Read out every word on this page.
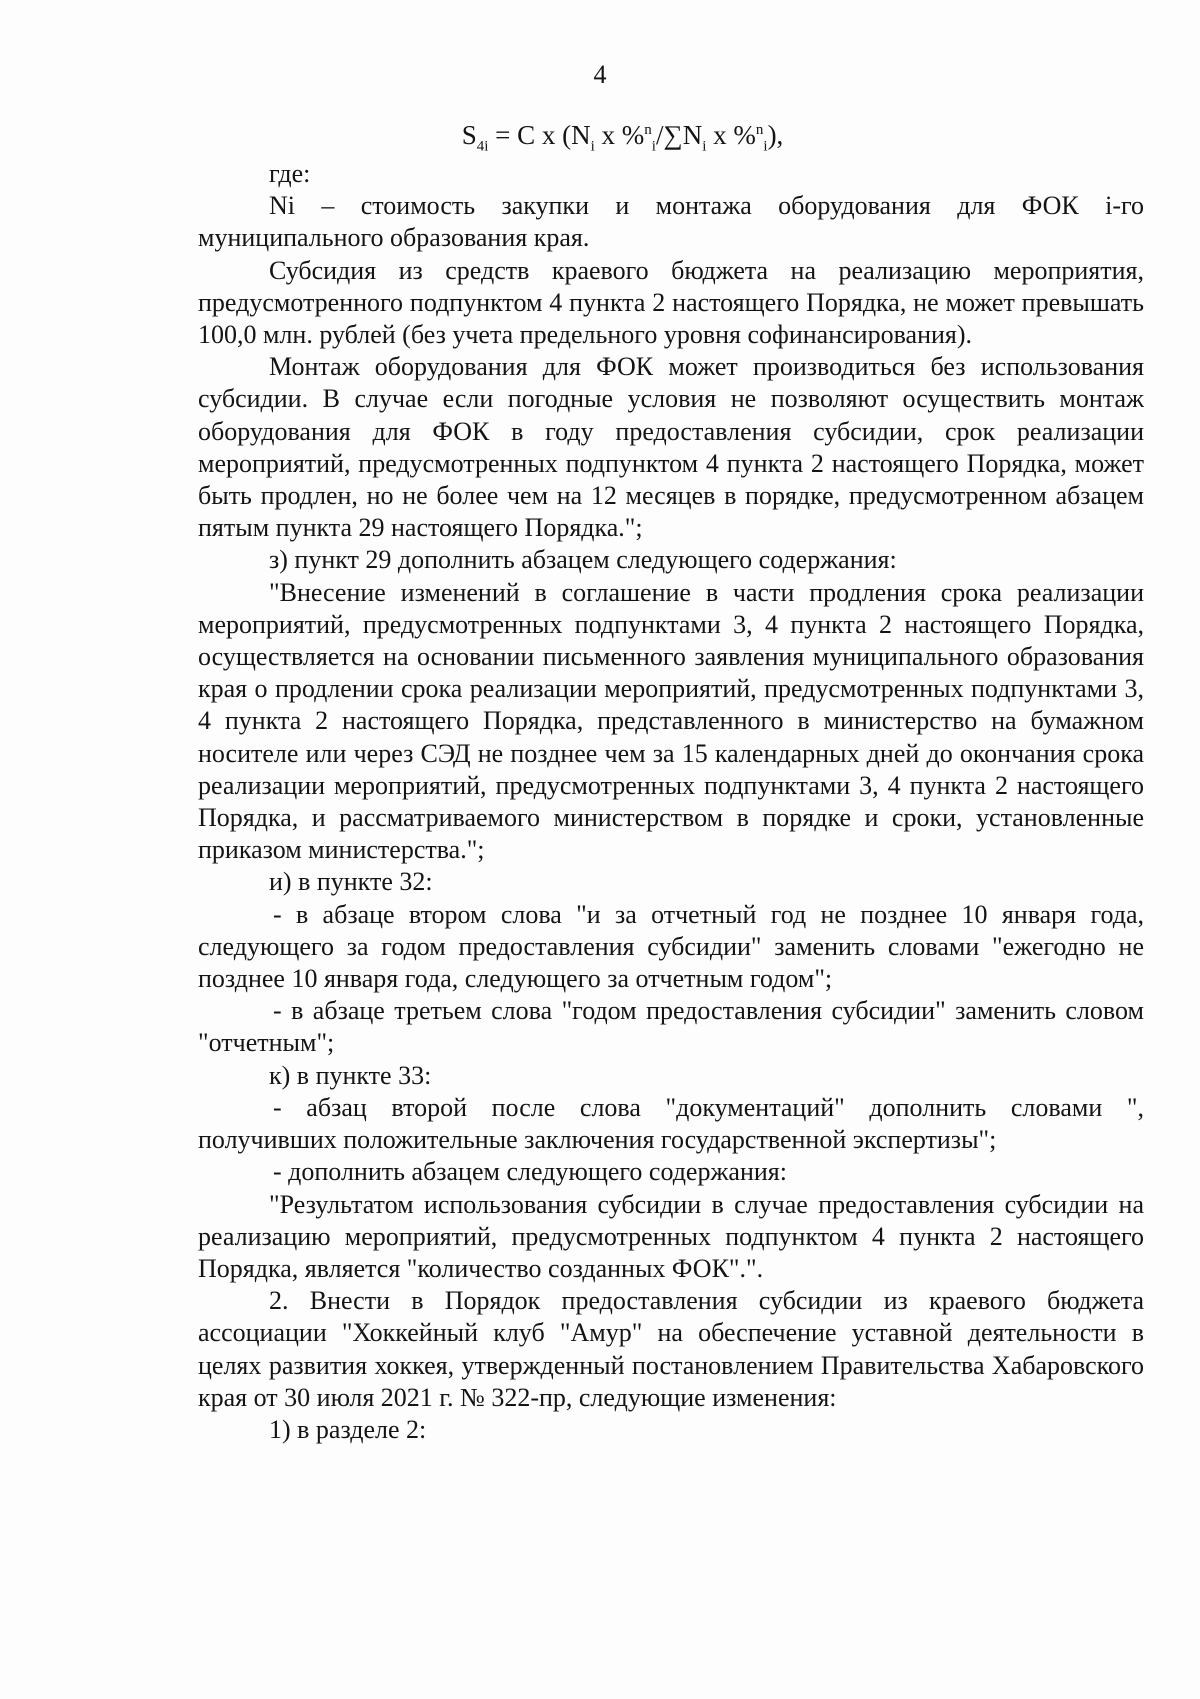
4
$S_{4i} = C$ x ($N_i$ x $\%^n_i/\sum N_i$ x %$^n_i$),

где:

Ni – стоимость закупки и монтажа оборудования для ФОК i-го муниципального образования края.

Субсидия из средств краевого бюджета на реализацию мероприятия, предусмотренного подпунктом 4 пункта 2 настоящего Порядка, не может превышать 100,0 млн. рублей (без учета предельного уровня софинансирования).

Монтаж оборудования для ФОК может производиться без использования субсидии. В случае если погодные условия не позволяют осуществить монтаж оборудования для ФОК в году предоставления субсидии, срок реализации мероприятий, предусмотренных подпунктом 4 пункта 2 настоящего Порядка, может быть продлен, но не более чем на 12 месяцев в порядке, предусмотренном абзацем пятым пункта 29 настоящего Порядка.";

з) пункт 29 дополнить абзацем следующего содержания:

"Внесение изменений в соглашение в части продления срока реализации мероприятий, предусмотренных подпунктами 3, 4 пункта 2 настоящего Порядка, осуществляется на основании письменного заявления муниципального образования края о продлении срока реализации мероприятий, предусмотренных подпунктами 3, 4 пункта 2 настоящего Порядка, представленного в министерство на бумажном носителе или через СЭД не позднее чем за 15 календарных дней до окончания срока реализации мероприятий, предусмотренных подпунктами 3, 4 пункта 2 настоящего Порядка, и рассматриваемого министерством в порядке и сроки, установленные приказом министерства.";

и) в пункте 32:

- в абзаце втором слова "и за отчетный год не позднее 10 января года, следующего за годом предоставления субсидии" заменить словами "ежегодно не позднее 10 января года, следующего за отчетным годом";

- в абзаце третьем слова "годом предоставления субсидии" заменить словом "отчетным";

к) в пункте 33:

- абзац второй после слова "документаций" дополнить словами ", получивших положительные заключения государственной экспертизы";

- дополнить абзацем следующего содержания:

"Результатом использования субсидии в случае предоставления субсидии на реализацию мероприятий, предусмотренных подпунктом 4 пункта 2 настоящего Порядка, является "количество созданных ФОК".".

2. Внести в Порядок предоставления субсидии из краевого бюджета ассоциации "Хоккейный клуб "Амур" на обеспечение уставной деятельности в целях развития хоккея, утвержденный постановлением Правительства Хабаровского края от 30 июля 2021 г. № 322-пр, следующие изменения:

1) в разделе 2:
